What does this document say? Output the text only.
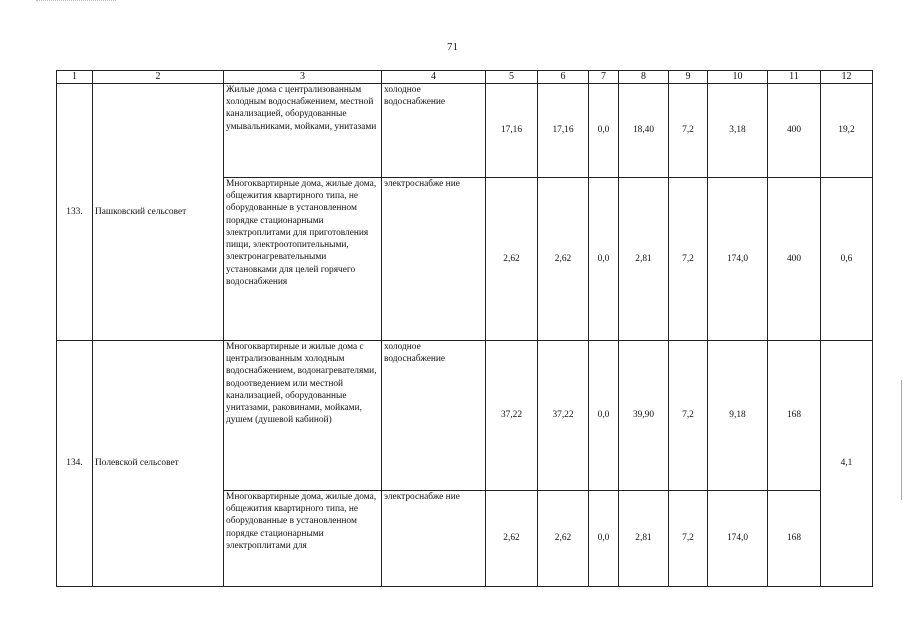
71
1	2	3	4	5	6	7	8	9	10	11	12
133.	Пашковский сельсовет	Жилые дома с централизованным холодным водоснабжением, местной канализацией, оборудованные умывальниками, мойками, унитазами	холодное водоснабжение	17,16	17,16	0,0	18,40	7,2	3,18	400	19,2
		Многоквартирные дома, жилые дома, общежития квартирного типа, не оборудованные в установленном порядке стационарными электроплитами для приготовления пищи, электроотопительными, электронагревательными установками для целей горячего водоснабжения	электроснабже ние	2,62	2,62	0,0	2,81	7,2	174,0	400	0,6
134.	Полевской сельсовет	Многоквартирные и жилые дома с централизованным холодным водоснабжением, водонагревателями, водоотведением или местной канализацией, оборудованные унитазами, раковинами, мойками, душем (душевой кабиной)	холодное водоснабжение	37,22	37,22	0,0	39,90	7,2	9,18	168	4,1
		Многоквартирные дома, жилые дома, общежития квартирного типа, не оборудованные в установленном порядке стационарными электроплитами для	электроснабже ние	2,62	2,62	0,0	2,81	7,2	174,0	168	
